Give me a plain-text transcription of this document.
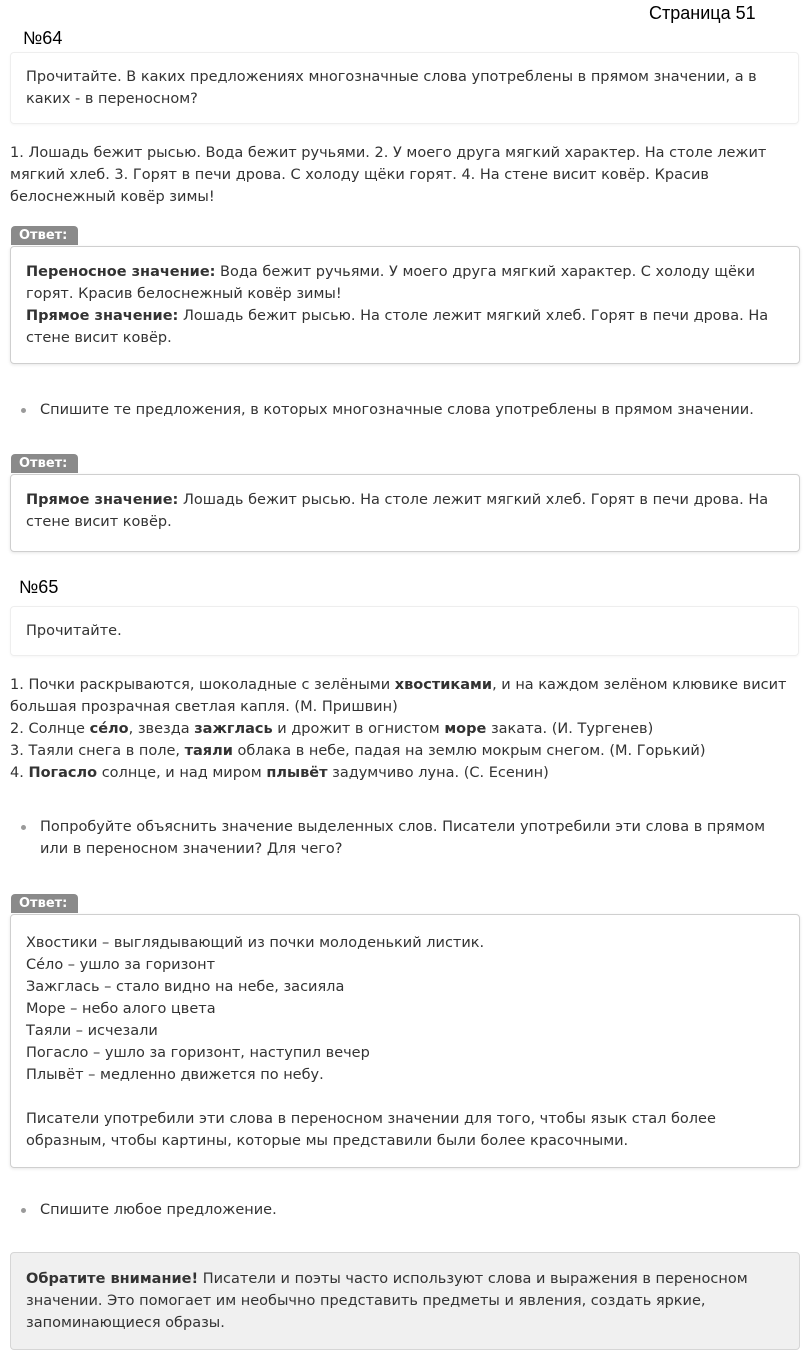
Страница 51
№64
Прочитайте. В каких предложениях многозначные слова употреблены в прямом значении, а в каких - в переносном?

1. Лошадь бежит рысью. Вода бежит ручьями. 2. У моего друга мягкий характер. На столе лежит мягкий хлеб. 3. Горят в печи дрова. С холоду щёки горят. 4. На стене висит ковёр. Красив белоснежный ковёр зимы!

Ответ:

Переносное значение: Вода бежит ручьями. У моего друга мягкий характер. С холоду щёки горят. Красив белоснежный ковёр зимы!

Прямое значение: Лошадь бежит рысью. На столе лежит мягкий хлеб. Горят в печи дрова. На стене висит ковёр.

Спишите те предложения, в которых многозначные слова употреблены в прямом значении.
Ответ:

Прямое значение: Лошадь бежит рысью. На столе лежит мягкий хлеб. Горят в печи дрова. На стене висит ковёр.

№65
Прочитайте.

1. Почки раскрываются, шоколадные с зелёными хвостиками, и на каждом зелёном клювике висит большая прозрачная светлая капля. (М. Пришвин)

2. Солнце се́ло, звезда зажглась и дрожит в огнистом море заката. (И. Тургенев)

3. Таяли снега в поле, таяли облака в небе, падая на землю мокрым снегом. (М. Горький)

4. Погасло солнце, и над миром плывёт задумчиво луна. (С. Есенин)

Попробуйте объяснить значение выделенных слов. Писатели употребили эти слова в прямом или в переносном значении? Для чего?
Ответ:

Хвостики – выглядывающий из почки молоденький листик.

Се́ло – ушло за горизонт

Зажглась – стало видно на небе, засияла

Море – небо алого цвета

Таяли – исчезали

Погасло – ушло за горизонт, наступил вечер

Плывёт – медленно движется по небу.

Писатели употребили эти слова в переносном значении для того, чтобы язык стал более образным, чтобы картины, которые мы представили были более красочными.

Спишите любое предложение.

Обратите внимание! Писатели и поэты часто используют слова и выражения в переносном значении. Это помогает им необычно представить предметы и явления, создать яркие, запоминающиеся образы.
